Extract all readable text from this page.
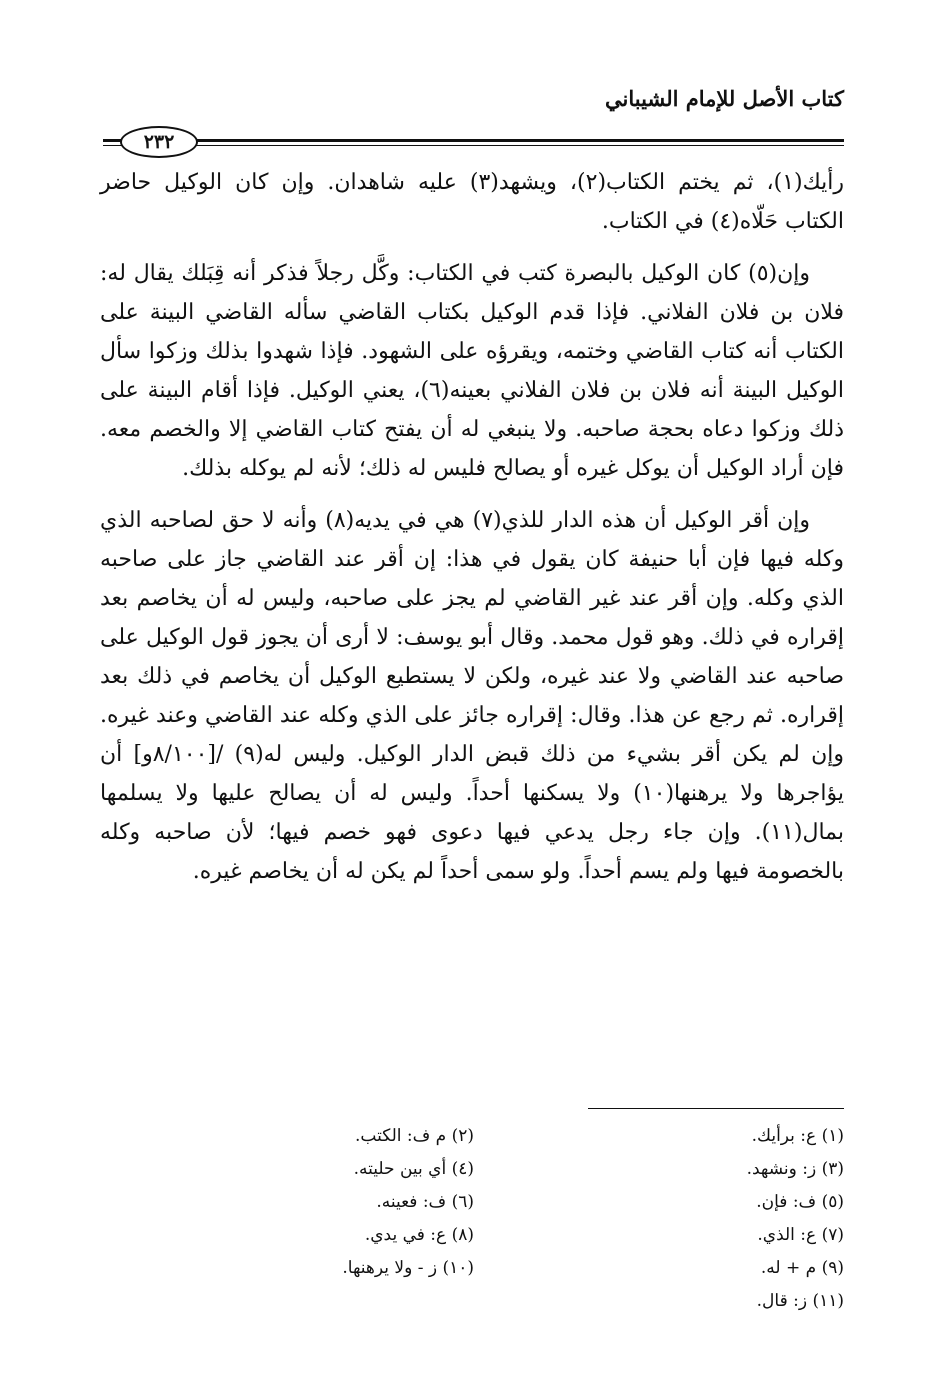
كتاب الأصل للإمام الشيباني
٢٣٢

رأيك(١)، ثم يختم الكتاب(٢)، ويشهد(٣) عليه شاهدان. وإن كان الوكيل حاضر الكتاب حَلّاه(٤) في الكتاب.

وإن(٥) كان الوكيل بالبصرة كتب في الكتاب: وكَّل رجلاً فذكر أنه قِبَلك يقال له: فلان بن فلان الفلاني. فإذا قدم الوكيل بكتاب القاضي سأله القاضي البينة على الكتاب أنه كتاب القاضي وختمه، ويقرؤه على الشهود. فإذا شهدوا بذلك وزكوا سأل الوكيل البينة أنه فلان بن فلان الفلاني بعينه(٦)، يعني الوكيل. فإذا أقام البينة على ذلك وزكوا دعاه بحجة صاحبه. ولا ينبغي له أن يفتح كتاب القاضي إلا والخصم معه. فإن أراد الوكيل أن يوكل غيره أو يصالح فليس له ذلك؛ لأنه لم يوكله بذلك.

وإن أقر الوكيل أن هذه الدار للذي(٧) هي في يديه(٨) وأنه لا حق لصاحبه الذي وكله فيها فإن أبا حنيفة كان يقول في هذا: إن أقر عند القاضي جاز على صاحبه الذي وكله. وإن أقر عند غير القاضي لم يجز على صاحبه، وليس له أن يخاصم بعد إقراره في ذلك. وهو قول محمد. وقال أبو يوسف: لا أرى أن يجوز قول الوكيل على صاحبه عند القاضي ولا عند غيره، ولكن لا يستطيع الوكيل أن يخاصم في ذلك بعد إقراره. ثم رجع عن هذا. وقال: إقراره جائز على الذي وكله عند القاضي وعند غيره. وإن لم يكن أقر بشيء من ذلك قبض الدار الوكيل. وليس له(٩) /[٨/١٠٠و] أن يؤاجرها ولا يرهنها(١٠) ولا يسكنها أحداً. وليس له أن يصالح عليها ولا يسلمها بمال(١١). وإن جاء رجل يدعي فيها دعوى فهو خصم فيها؛ لأن صاحبه وكله بالخصومة فيها ولم يسم أحداً. ولو سمى أحداً لم يكن له أن يخاصم غيره.

(١) ع: برأيك.
(٢) م ف: الكتب.
(٣) ز: ونشهد.
(٤) أي بين حليته.
(٥) ف: فإن.
(٦) ف: فعينه.
(٧) ع: الذي.
(٨) ع: في يدي.
(٩) م + له.
(١٠) ز - ولا يرهنها.
(١١) ز: قال.
